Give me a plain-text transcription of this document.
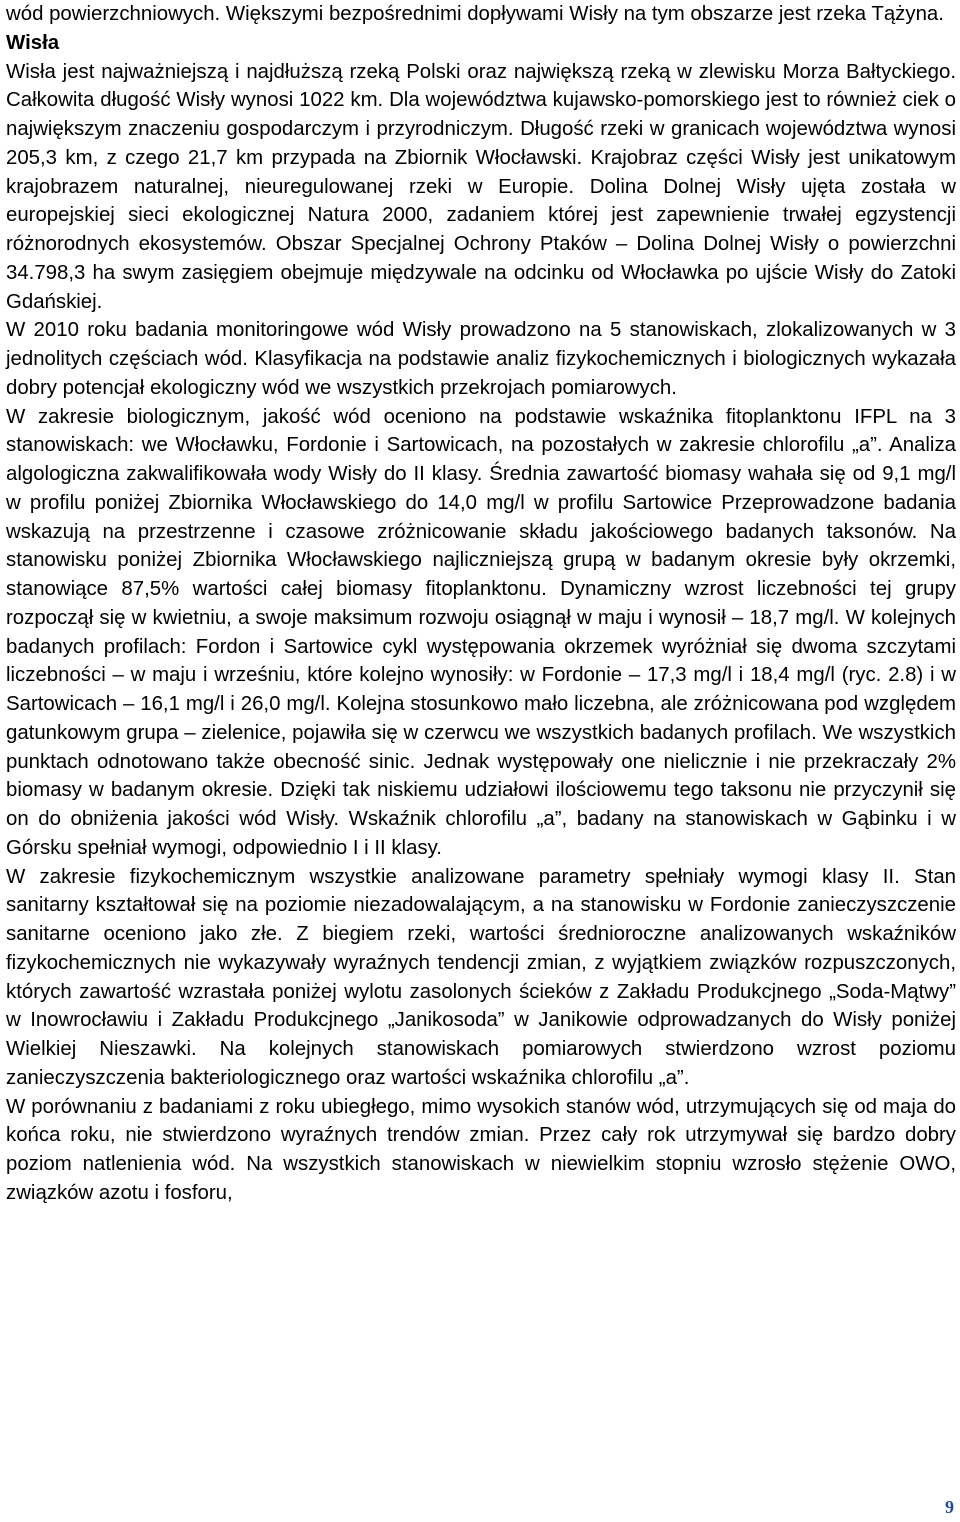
wód powierzchniowych. Większymi bezpośrednimi dopływami Wisły na tym obszarze jest rzeka Tążyna.

Wisła

Wisła jest najważniejszą i najdłuższą rzeką Polski oraz największą rzeką w zlewisku Morza Bałtyckiego. Całkowita długość Wisły wynosi 1022 km. Dla województwa kujawsko-pomorskiego jest to również ciek o największym znaczeniu gospodarczym i przyrodniczym. Długość rzeki w granicach województwa wynosi 205,3 km, z czego 21,7 km przypada na Zbiornik Włocławski. Krajobraz części Wisły jest unikatowym krajobrazem naturalnej, nieuregulowanej rzeki w Europie. Dolina Dolnej Wisły ujęta została w europejskiej sieci ekologicznej Natura 2000, zadaniem której jest zapewnienie trwałej egzystencji różnorodnych ekosystemów. Obszar Specjalnej Ochrony Ptaków – Dolina Dolnej Wisły o powierzchni 34.798,3 ha swym zasięgiem obejmuje międzywale na odcinku od Włocławka po ujście Wisły do Zatoki Gdańskiej.

W 2010 roku badania monitoringowe wód Wisły prowadzono na 5 stanowiskach, zlokalizowanych w 3 jednolitych częściach wód. Klasyfikacja na podstawie analiz fizykochemicznych i biologicznych wykazała dobry potencjał ekologiczny wód we wszystkich przekrojach pomiarowych.

W zakresie biologicznym, jakość wód oceniono na podstawie wskaźnika fitoplanktonu IFPL na 3 stanowiskach: we Włocławku, Fordonie i Sartowicach, na pozostałych w zakresie chlorofilu „a”. Analiza algologiczna zakwalifikowała wody Wisły do II klasy. Średnia zawartość biomasy wahała się od 9,1 mg/l w profilu poniżej Zbiornika Włocławskiego do 14,0 mg/l w profilu Sartowice Przeprowadzone badania wskazują na przestrzenne i czasowe zróżnicowanie składu jakościowego badanych taksonów. Na stanowisku poniżej Zbiornika Włocławskiego najliczniejszą grupą w badanym okresie były okrzemki, stanowiące 87,5% wartości całej biomasy fitoplanktonu. Dynamiczny wzrost liczebności tej grupy rozpoczął się w kwietniu, a swoje maksimum rozwoju osiągnął w maju i wynosił – 18,7 mg/l. W kolejnych badanych profilach: Fordon i Sartowice cykl występowania okrzemek wyróżniał się dwoma szczytami liczebności – w maju i wrześniu, które kolejno wynosiły: w Fordonie – 17,3 mg/l i 18,4 mg/l (ryc. 2.8) i w Sartowicach – 16,1 mg/l i 26,0 mg/l. Kolejna stosunkowo mało liczebna, ale zróżnicowana pod względem gatunkowym grupa – zielenice, pojawiła się w czerwcu we wszystkich badanych profilach. We wszystkich punktach odnotowano także obecność sinic. Jednak występowały one nielicznie i nie przekraczały 2% biomasy w badanym okresie. Dzięki tak niskiemu udziałowi ilościowemu tego taksonu nie przyczynił się on do obniżenia jakości wód Wisły. Wskaźnik chlorofilu „a”, badany na stanowiskach w Gąbinku i w Górsku spełniał wymogi, odpowiednio I i II klasy.

W zakresie fizykochemicznym wszystkie analizowane parametry spełniały wymogi klasy II. Stan sanitarny kształtował się na poziomie niezadowalającym, a na stanowisku w Fordonie zanieczyszczenie sanitarne oceniono jako złe. Z biegiem rzeki, wartości średnioroczne analizowanych wskaźników fizykochemicznych nie wykazywały wyraźnych tendencji zmian, z wyjątkiem związków rozpuszczonych, których zawartość wzrastała poniżej wylotu zasolonych ścieków z Zakładu Produkcjnego „Soda-Mątwy” w Inowrocławiu i Zakładu Produkcjnego „Janikosoda” w Janikowie odprowadzanych do Wisły poniżej Wielkiej Nieszawki. Na kolejnych stanowiskach pomiarowych stwierdzono wzrost poziomu zanieczyszczenia bakteriologicznego oraz wartości wskaźnika chlorofilu „a”.

W porównaniu z badaniami z roku ubiegłego, mimo wysokich stanów wód, utrzymujących się od maja do końca roku, nie stwierdzono wyraźnych trendów zmian. Przez cały rok utrzymywał się bardzo dobry poziom natlenienia wód. Na wszystkich stanowiskach w niewielkim stopniu wzrosło stężenie OWO, związków azotu i fosforu,

9
